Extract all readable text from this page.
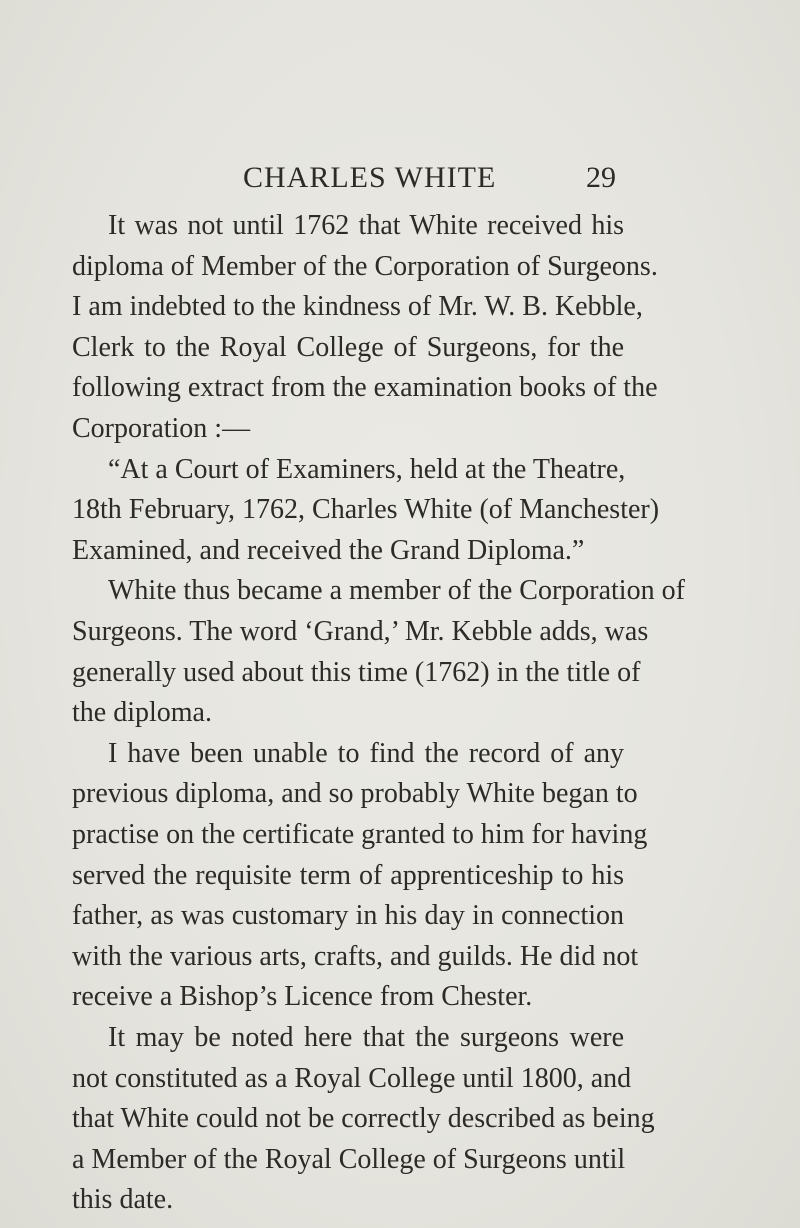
CHARLES WHITE	29
It was not until 1762 that White received his
diploma of Member of the Corporation of Surgeons.
I am indebted to the kindness of Mr. W. B. Kebble,
Clerk to the Royal College of Surgeons, for the
following extract from the examination books of the
Corporation :—
“At a Court of Examiners, held at the Theatre,
18th February, 1762, Charles White (of Manchester)
Examined, and received the Grand Diploma.”
White thus became a member of the Corporation of
Surgeons. The word ‘Grand,’ Mr. Kebble adds, was
generally used about this time (1762) in the title of
the diploma.
I have been unable to find the record of any
previous diploma, and so probably White began to
practise on the certificate granted to him for having
served the requisite term of apprenticeship to his
father, as was customary in his day in connection
with the various arts, crafts, and guilds. He did not
receive a Bishop’s Licence from Chester.
It may be noted here that the surgeons were
not constituted as a Royal College until 1800, and
that White could not be correctly described as being
a Member of the Royal College of Surgeons until
this date.
